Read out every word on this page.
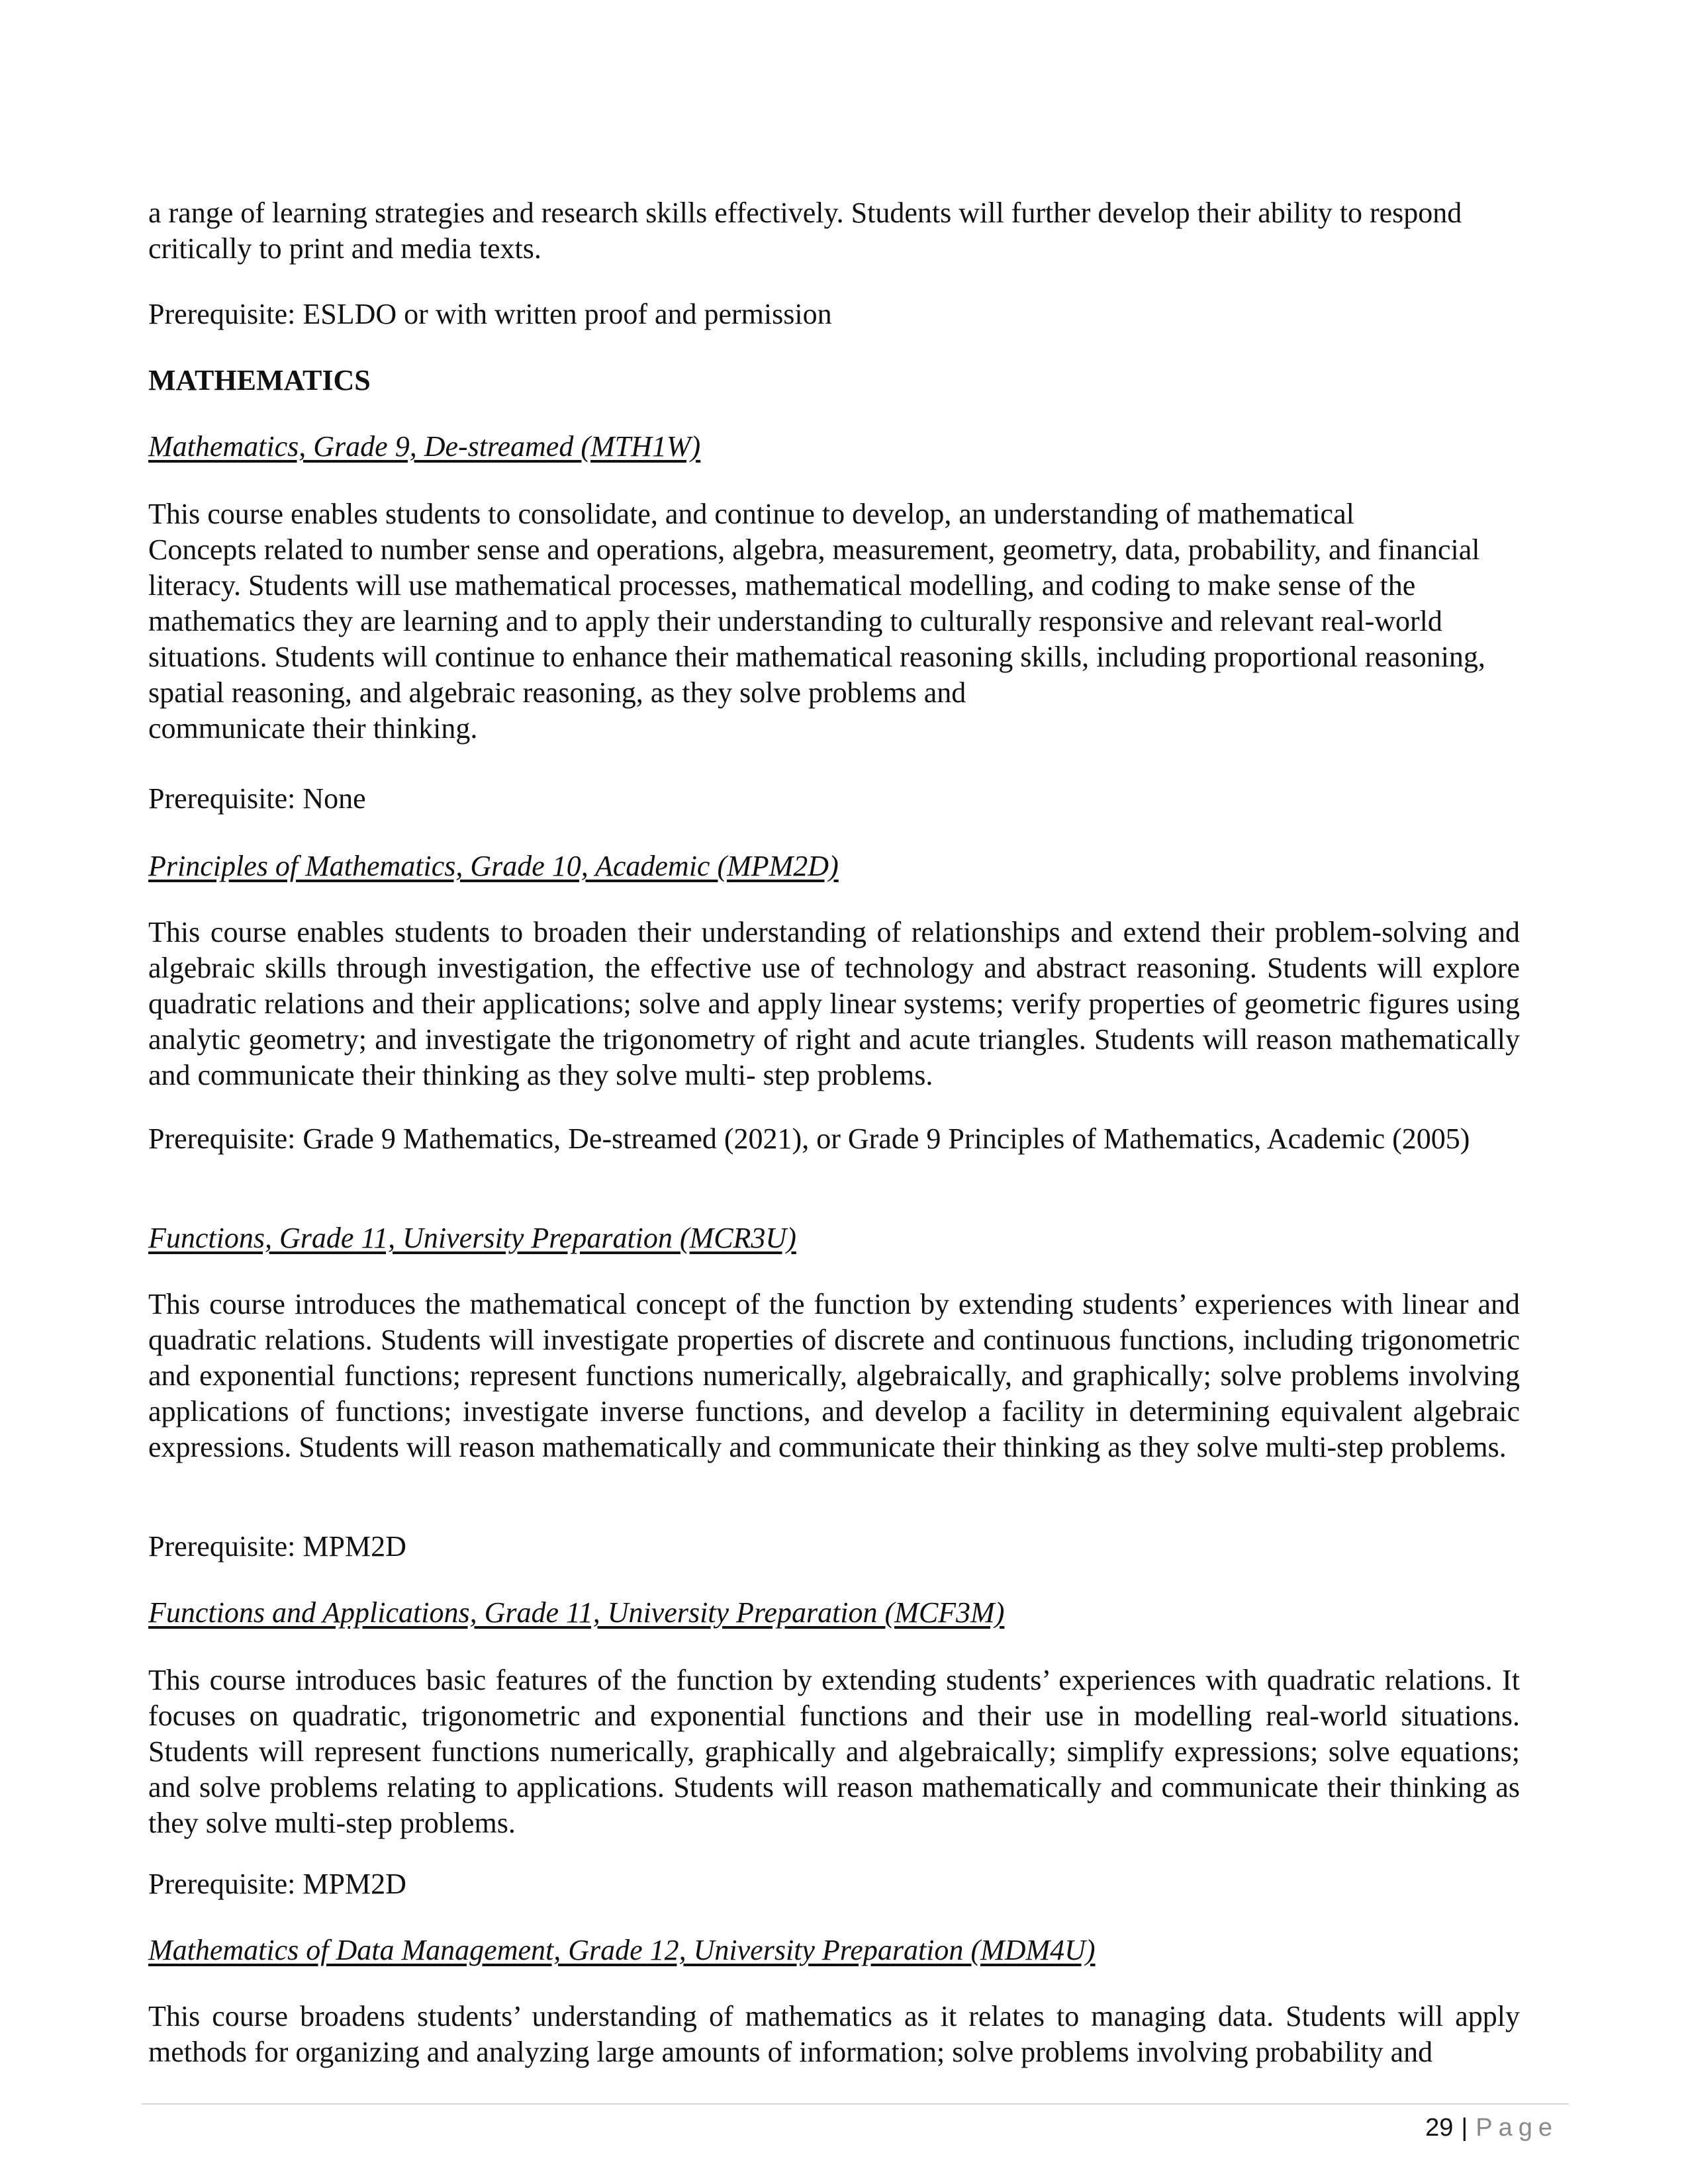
a range of learning strategies and research skills effectively. Students will further develop their ability to respond
critically to print and media texts.

Prerequisite: ESLDO or with written proof and permission

MATHEMATICS

Mathematics, Grade 9, De-streamed (MTH1W)

This course enables students to consolidate, and continue to develop, an understanding of mathematical
Concepts related to number sense and operations, algebra, measurement, geometry, data, probability, and financial
literacy. Students will use mathematical processes, mathematical modelling, and coding to make sense of the
mathematics they are learning and to apply their understanding to culturally responsive and relevant real-world
situations. Students will continue to enhance their mathematical reasoning skills, including proportional reasoning,
spatial reasoning, and algebraic reasoning, as they solve problems and
communicate their thinking.

Prerequisite: None

Principles of Mathematics, Grade 10, Academic (MPM2D)

This course enables students to broaden their understanding of relationships and extend their problem-solving and algebraic skills through investigation, the effective use of technology and abstract reasoning. Students will explore quadratic relations and their applications; solve and apply linear systems; verify properties of geometric figures using analytic geometry; and investigate the trigonometry of right and acute triangles. Students will reason mathematically and communicate their thinking as they solve multi- step problems.

Prerequisite: Grade 9 Mathematics, De-streamed (2021), or Grade 9 Principles of Mathematics, Academic (2005)

Functions, Grade 11, University Preparation (MCR3U)

This course introduces the mathematical concept of the function by extending students’ experiences with linear and quadratic relations. Students will investigate properties of discrete and continuous functions, including trigonometric and exponential functions; represent functions numerically, algebraically, and graphically; solve problems involving applications of functions; investigate inverse functions, and develop a facility in determining equivalent algebraic expressions. Students will reason mathematically and communicate their thinking as they solve multi-step problems.

Prerequisite: MPM2D

Functions and Applications, Grade 11, University Preparation (MCF3M)

This course introduces basic features of the function by extending students’ experiences with quadratic relations. It focuses on quadratic, trigonometric and exponential functions and their use in modelling real-world situations. Students will represent functions numerically, graphically and algebraically; simplify expressions; solve equations; and solve problems relating to applications. Students will reason mathematically and communicate their thinking as they solve multi-step problems.

Prerequisite: MPM2D

Mathematics of Data Management, Grade 12, University Preparation (MDM4U)

This course broadens students’ understanding of mathematics as it relates to managing data. Students will apply methods for organizing and analyzing large amounts of information; solve problems involving probability and

29 | Page
